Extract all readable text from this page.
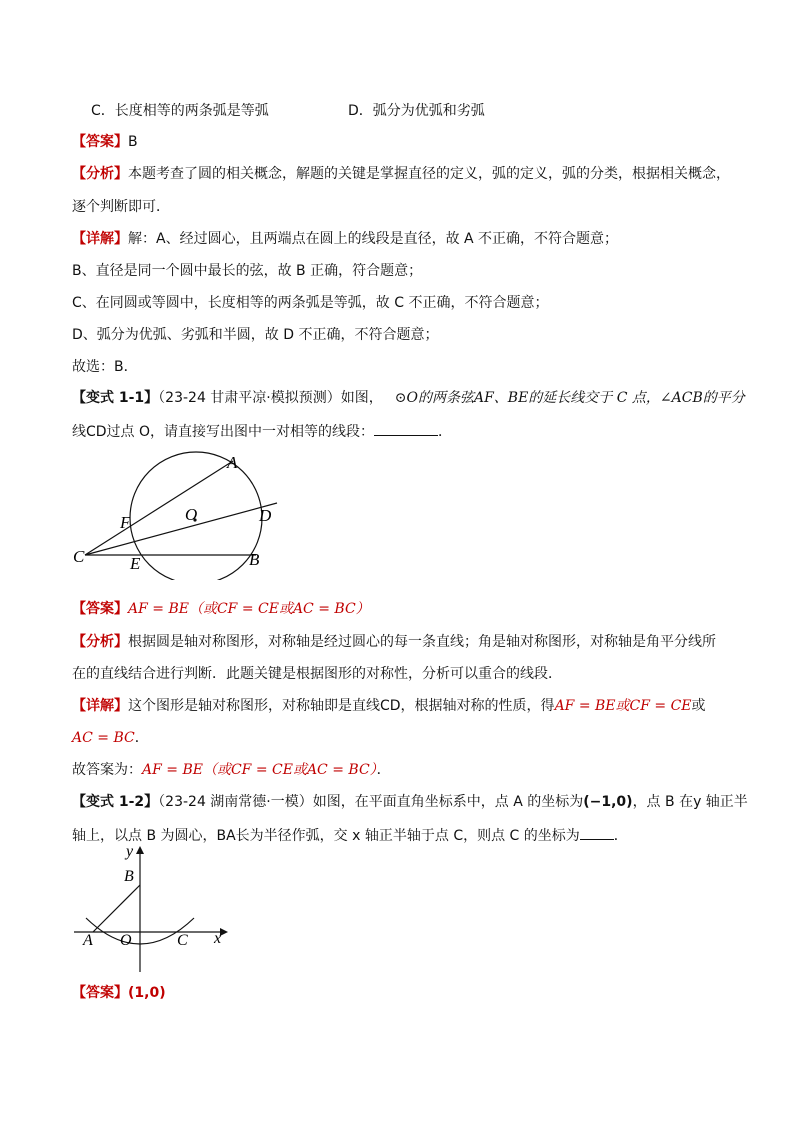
C．长度相等的两条弧是等弧	D．弧分为优弧和劣弧
【答案】B
【分析】本题考查了圆的相关概念，解题的关键是掌握直径的定义，弧的定义，弧的分类，根据相关概念，
逐个判断即可．
【详解】解：A、经过圆心，且两端点在圆上的线段是直径，故 A 不正确，不符合题意；
B、直径是同一个圆中最长的弦，故 B 正确，符合题意；
C、在同圆或等圆中，长度相等的两条弧是等弧，故 C 不正确，不符合题意；
D、弧分为优弧、劣弧和半圆，故 D 不正确，不符合题意；
故选：B．
【变式 1-1】（23-24 甘肃平凉·模拟预测）如图， ⊙O的两条弦AF、BE的延长线交于 C 点，∠ACB的平分
线CD过点 O，请直接写出图中一对相等的线段：	．
A
D
O
F
C	E	B
【答案】AF = BE（或CF = CE或AC = BC）
【分析】根据圆是轴对称图形，对称轴是经过圆心的每一条直线；角是轴对称图形，对称轴是角平分线所
在的直线结合进行判断．此题关键是根据图形的对称性，分析可以重合的线段．
【详解】这个图形是轴对称图形，对称轴即是直线CD，根据轴对称的性质，得AF = BE或CF = CE或
AC = BC．
故答案为：AF = BE（或CF = CE或AC = BC）．
【变式 1-2】（23-24 湖南常德·一模）如图，在平面直角坐标系中，点 A 的坐标为(−1,0)，点 B 在y 轴正半
轴上，以点 B 为圆心，BA长为半径作弧，交 x 轴正半轴于点 C，则点 C 的坐标为 ．
y
x
B
A O	C
【答案】(1,0)
